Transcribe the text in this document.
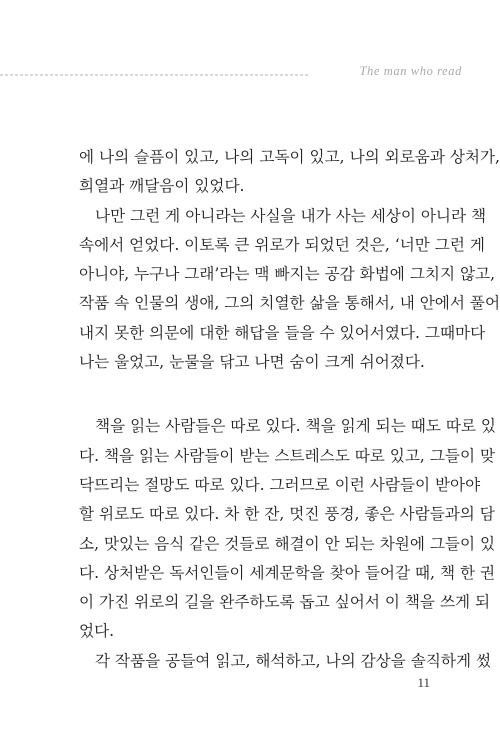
The man who read

에 나의 슬픔이 있고, 나의 고독이 있고, 나의 외로움과 상처가,
희열과 깨달음이 있었다.

나만 그런 게 아니라는 사실을 내가 사는 세상이 아니라 책
속에서 얻었다. 이토록 큰 위로가 되었던 것은, ‘너만 그런 게
아니야, 누구나 그래’라는 맥 빠지는 공감 화법에 그치지 않고,
작품 속 인물의 생애, 그의 치열한 삶을 통해서, 내 안에서 풀어
내지 못한 의문에 대한 해답을 들을 수 있어서였다. 그때마다
나는 울었고, 눈물을 닦고 나면 숨이 크게 쉬어졌다.

책을 읽는 사람들은 따로 있다. 책을 읽게 되는 때도 따로 있
다. 책을 읽는 사람들이 받는 스트레스도 따로 있고, 그들이 맞
닥뜨리는 절망도 따로 있다. 그러므로 이런 사람들이 받아야
할 위로도 따로 있다. 차 한 잔, 멋진 풍경, 좋은 사람들과의 담
소, 맛있는 음식 같은 것들로 해결이 안 되는 차원에 그들이 있
다. 상처받은 독서인들이 세계문학을 찾아 들어갈 때, 책 한 권
이 가진 위로의 길을 완주하도록 돕고 싶어서 이 책을 쓰게 되
었다.

각 작품을 공들여 읽고, 해석하고, 나의 감상을 솔직하게 썼

11
